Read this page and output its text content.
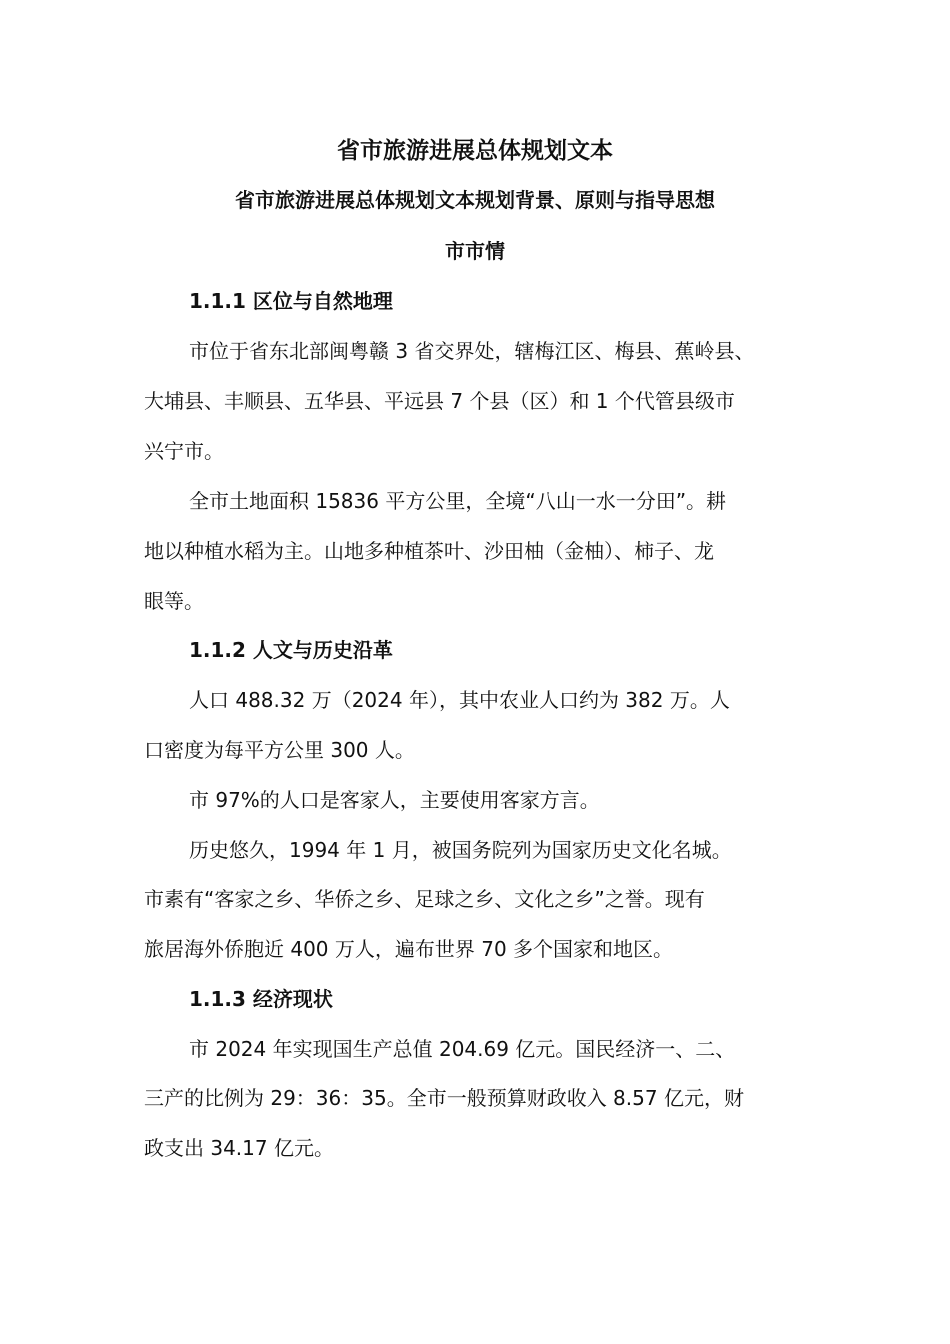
省市旅游进展总体规划文本
省市旅游进展总体规划文本规划背景、原则与指导思想
市市情
1.1.1 区位与自然地理
市位于省东北部闽粤赣 3 省交界处，辖梅江区、梅县、蕉岭县、
大埔县、丰顺县、五华县、平远县 7 个县（区）和 1 个代管县级市
兴宁市。
全市土地面积 15836 平方公里，全境“八山一水一分田”。耕
地以种植水稻为主。山地多种植茶叶、沙田柚（金柚）、柿子、龙
眼等。
1.1.2 人文与历史沿革
人口 488.32 万（2024 年），其中农业人口约为 382 万。人
口密度为每平方公里 300 人。
市 97%的人口是客家人，主要使用客家方言。
历史悠久，1994 年 1 月，被国务院列为国家历史文化名城。
市素有“客家之乡、华侨之乡、足球之乡、文化之乡”之誉。现有
旅居海外侨胞近 400 万人，遍布世界 70 多个国家和地区。
1.1.3 经济现状
市 2024 年实现国生产总值 204.69 亿元。国民经济一、二、
三产的比例为 29：36：35。全市一般预算财政收入 8.57 亿元，财
政支出 34.17 亿元。
